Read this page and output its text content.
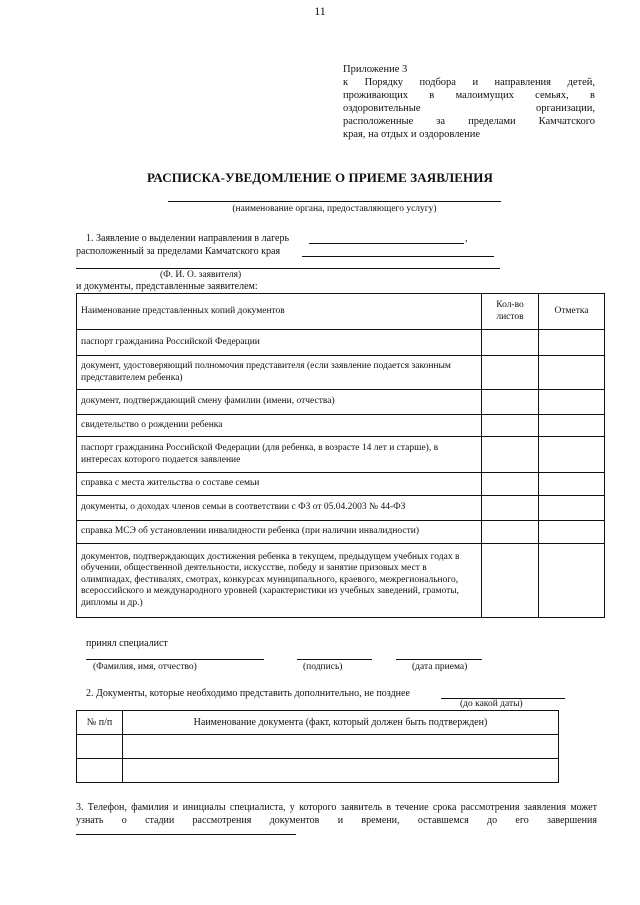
11
Приложение 3
к Порядку подбора и направления детей,
проживающих в малоимущих семьях, в
оздоровительные организации,
расположенные за пределами Камчатского
края, на отдых и оздоровление
РАСПИСКА-УВЕДОМЛЕНИЕ О ПРИЕМЕ ЗАЯВЛЕНИЯ
(наименование органа, предоставляющего услугу)
1. Заявление о выделении направления в лагерь	,
расположенный за пределами Камчатского края
(Ф. И. О. заявителя)
и документы, представленные заявителем:
Наименование представленных копий документов	Кол-во листов	Отметка
паспорт гражданина Российской Федерации		
документ, удостоверяющий полномочия представителя (если заявление подается законным представителем ребенка)		
документ, подтверждающий смену фамилии (имени, отчества)		
свидетельство о рождении ребенка		
паспорт гражданина Российской Федерации (для ребенка, в возрасте 14 лет и старше), в интересах которого подается заявление		
справка с места жительства о составе семьи		
документы, о доходах членов семьи в соответствии с ФЗ от 05.04.2003 № 44-ФЗ		
справка МСЭ об установлении инвалидности ребенка (при наличии инвалидности)		
документов, подтверждающих достижения ребенка в текущем, предыдущем учебных годах в обучении, общественной деятельности, искусстве, победу и занятие призовых мест в олимпиадах, фестивалях, смотрах, конкурсах муниципального, краевого, межрегионального, всероссийского и международного уровней (характеристики из учебных заведений, грамоты, дипломы и др.)		
принял специалист
(Фамилия, имя, отчество)	(подпись)	(дата приема)
2. Документы, которые необходимо представить дополнительно, не позднее
(до какой даты)
№ п/п	Наименование документа (факт, который должен быть подтвержден)

3. Телефон, фамилия и инициалы специалиста, у которого заявитель в течение срока рассмотрения заявления может узнать о стадии рассмотрения документов и времени, оставшемся до его завершения
